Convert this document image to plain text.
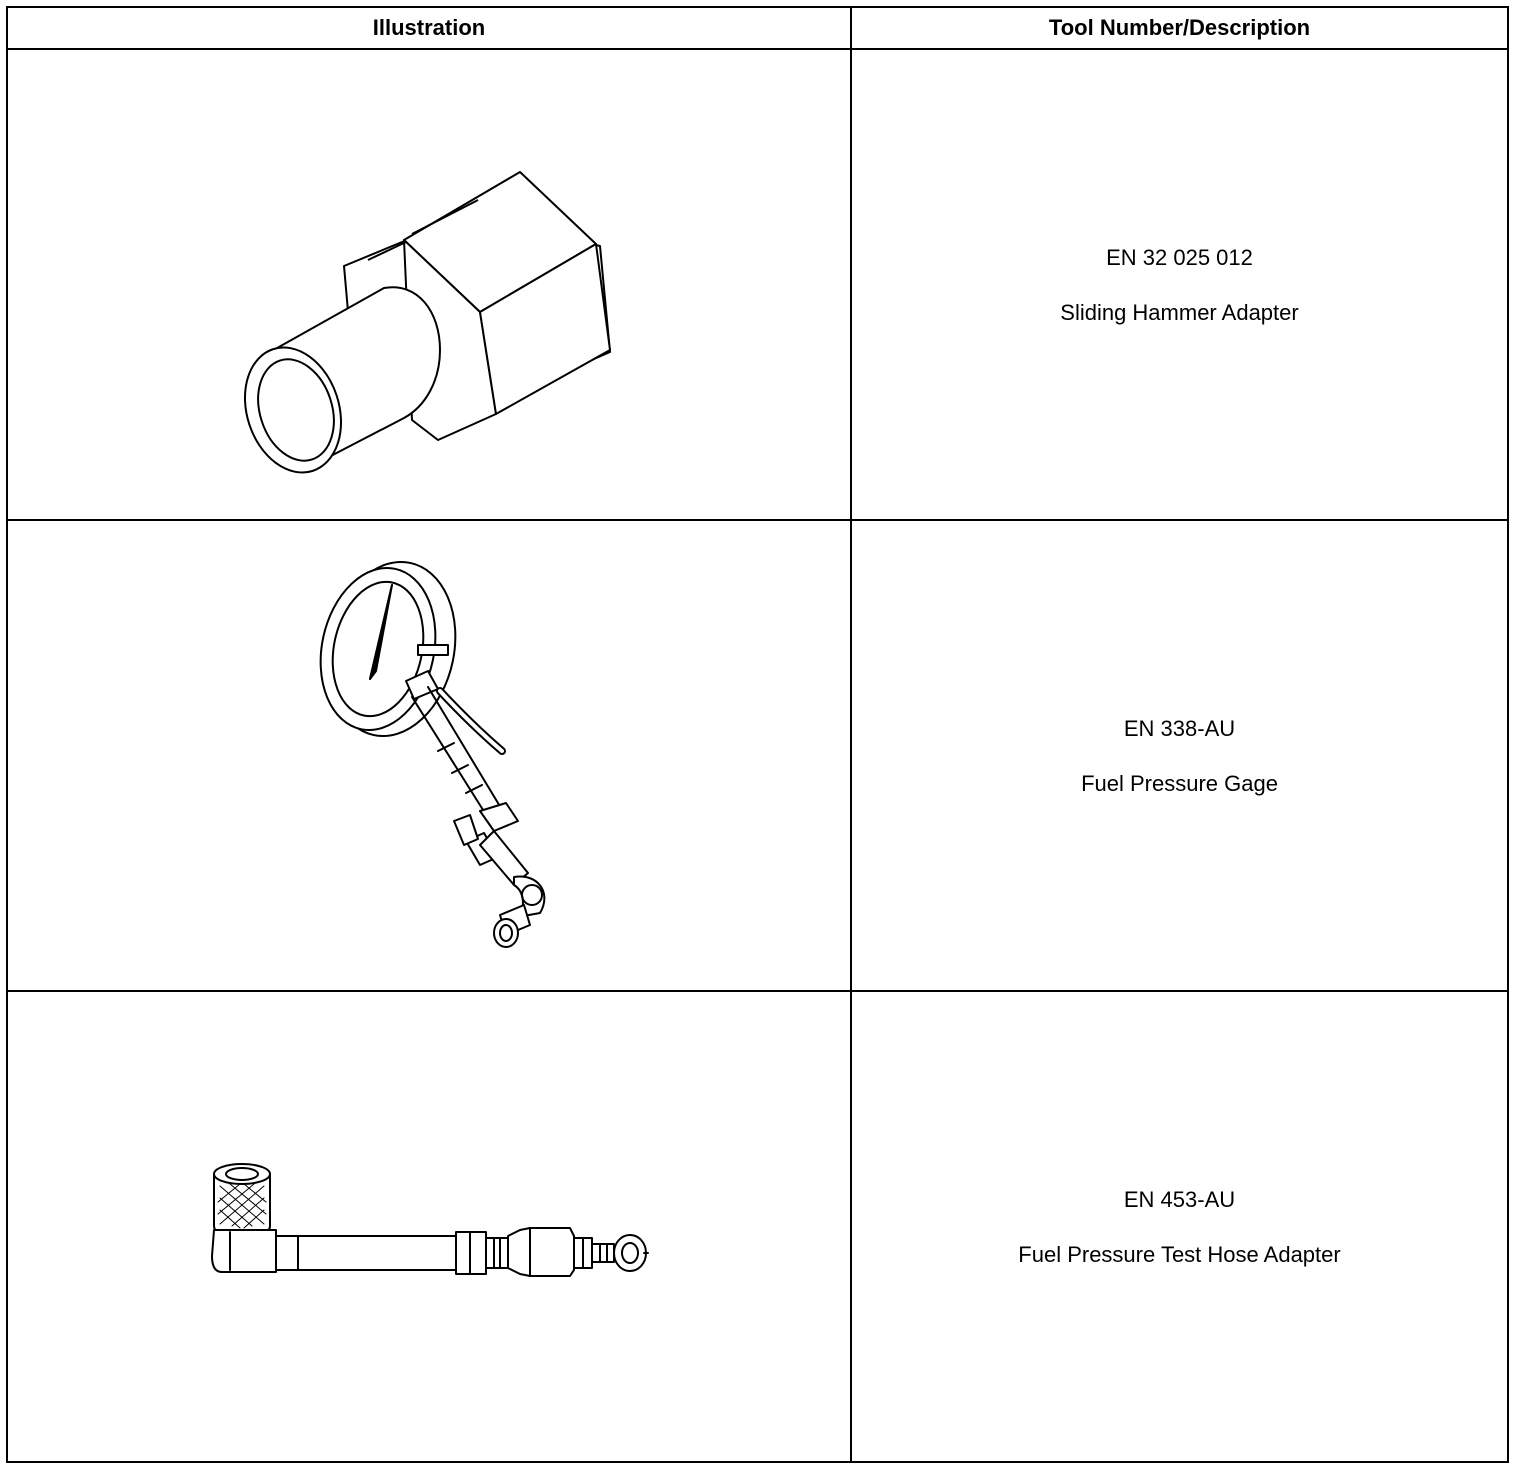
Illustration	Tool Number/Description

EN 32 025 012
Sliding Hammer Adapter

EN 338-AU
Fuel Pressure Gage

EN 453-AU
Fuel Pressure Test Hose Adapter
